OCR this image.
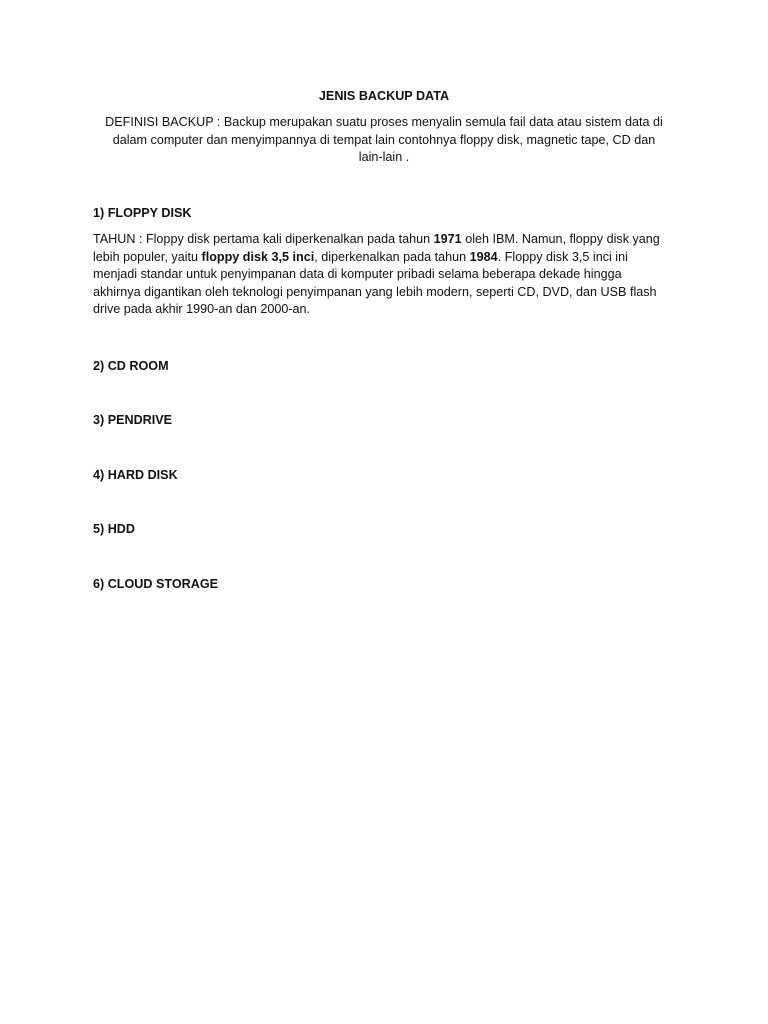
JENIS BACKUP DATA
DEFINISI BACKUP : Backup merupakan suatu proses menyalin semula fail data atau sistem data di
dalam computer dan menyimpannya di tempat lain contohnya floppy disk, magnetic tape, CD dan
lain-lain .
1) FLOPPY DISK
TAHUN : Floppy disk pertama kali diperkenalkan pada tahun 1971 oleh IBM. Namun, floppy disk yang
lebih populer, yaitu floppy disk 3,5 inci, diperkenalkan pada tahun 1984. Floppy disk 3,5 inci ini
menjadi standar untuk penyimpanan data di komputer pribadi selama beberapa dekade hingga
akhirnya digantikan oleh teknologi penyimpanan yang lebih modern, seperti CD, DVD, dan USB flash
drive pada akhir 1990-an dan 2000-an.
2) CD ROOM
3) PENDRIVE
4) HARD DISK
5) HDD
6) CLOUD STORAGE
